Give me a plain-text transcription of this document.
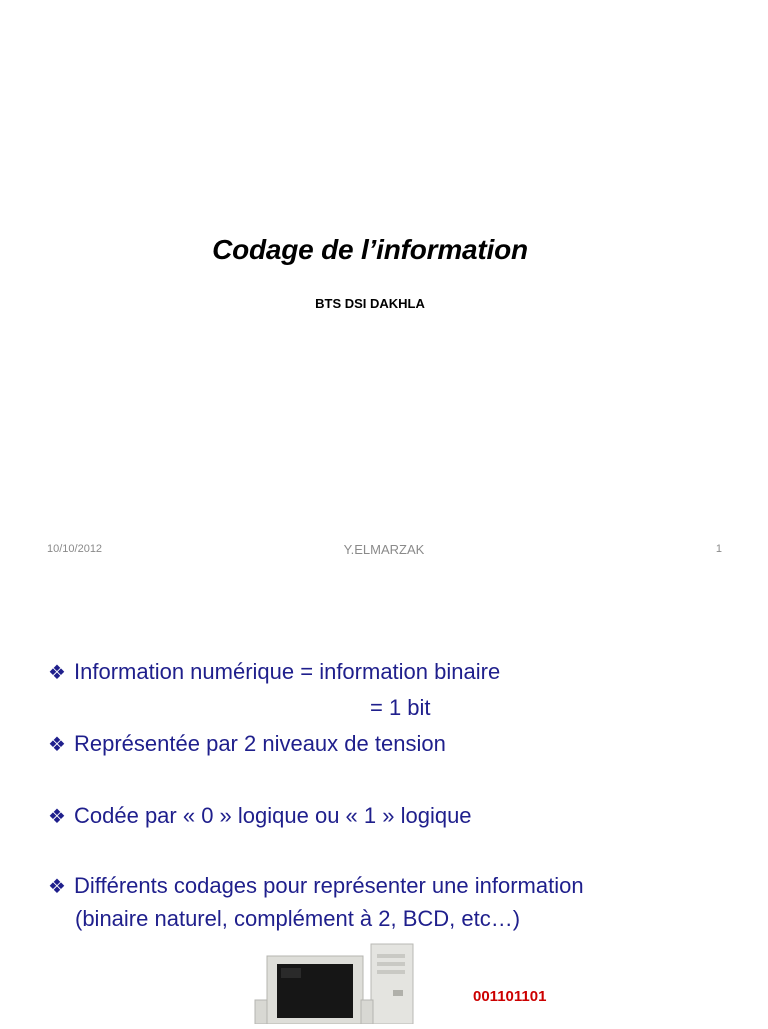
Codage de l’information
BTS DSI DAKHLA
10/10/2012	Y.ELMARZAK	1
❖ Information numérique = information binaire
= 1 bit
❖ Représentée par 2 niveaux de tension
❖ Codée par « 0 » logique ou « 1 » logique
❖ Différents codages pour représenter une information
(binaire naturel, complément à 2, BCD, etc…)
001101101
